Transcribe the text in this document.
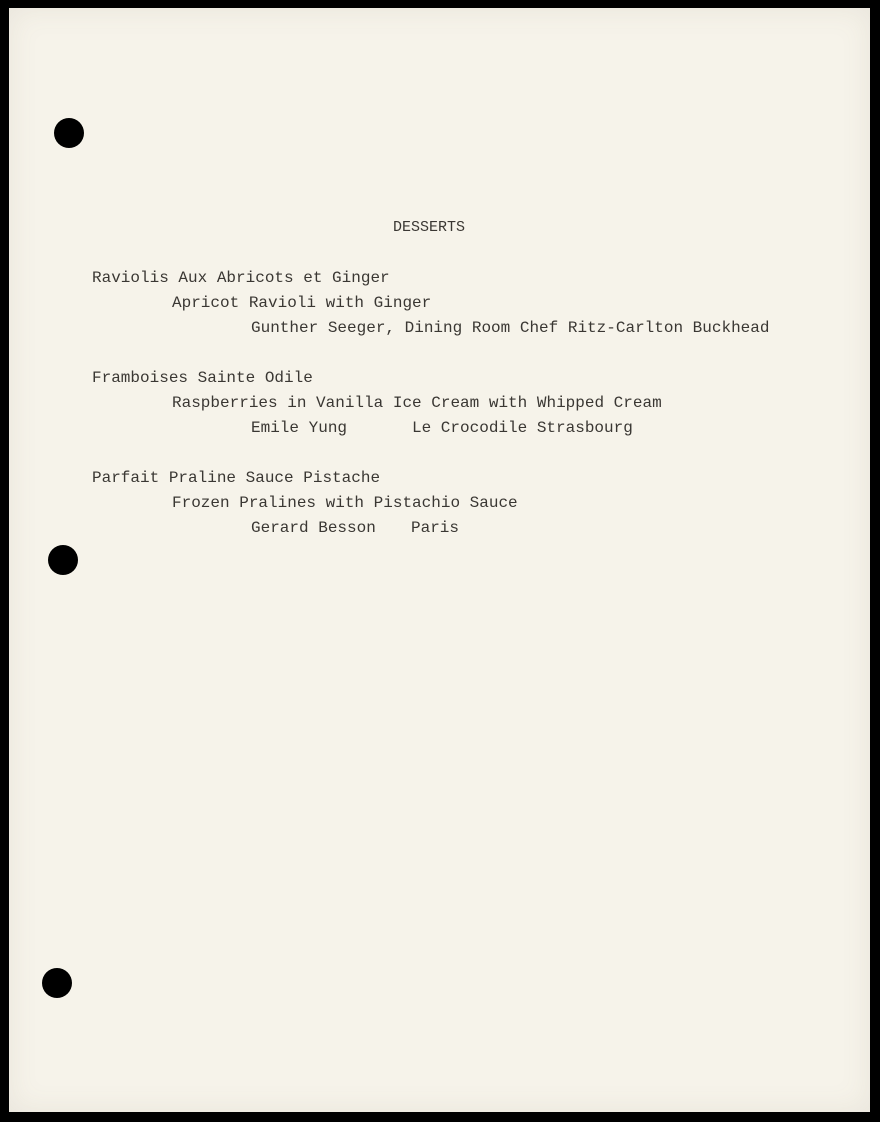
DESSERTS
Raviolis Aux Abricots et Ginger
Apricot Ravioli with Ginger
Gunther Seeger, Dining Room Chef Ritz-Carlton Buckhead
Framboises Sainte Odile
Raspberries in Vanilla Ice Cream with Whipped Cream
Emile Yung	Le Crocodile Strasbourg
Parfait Praline Sauce Pistache
Frozen Pralines with Pistachio Sauce
Gerard Besson Paris
